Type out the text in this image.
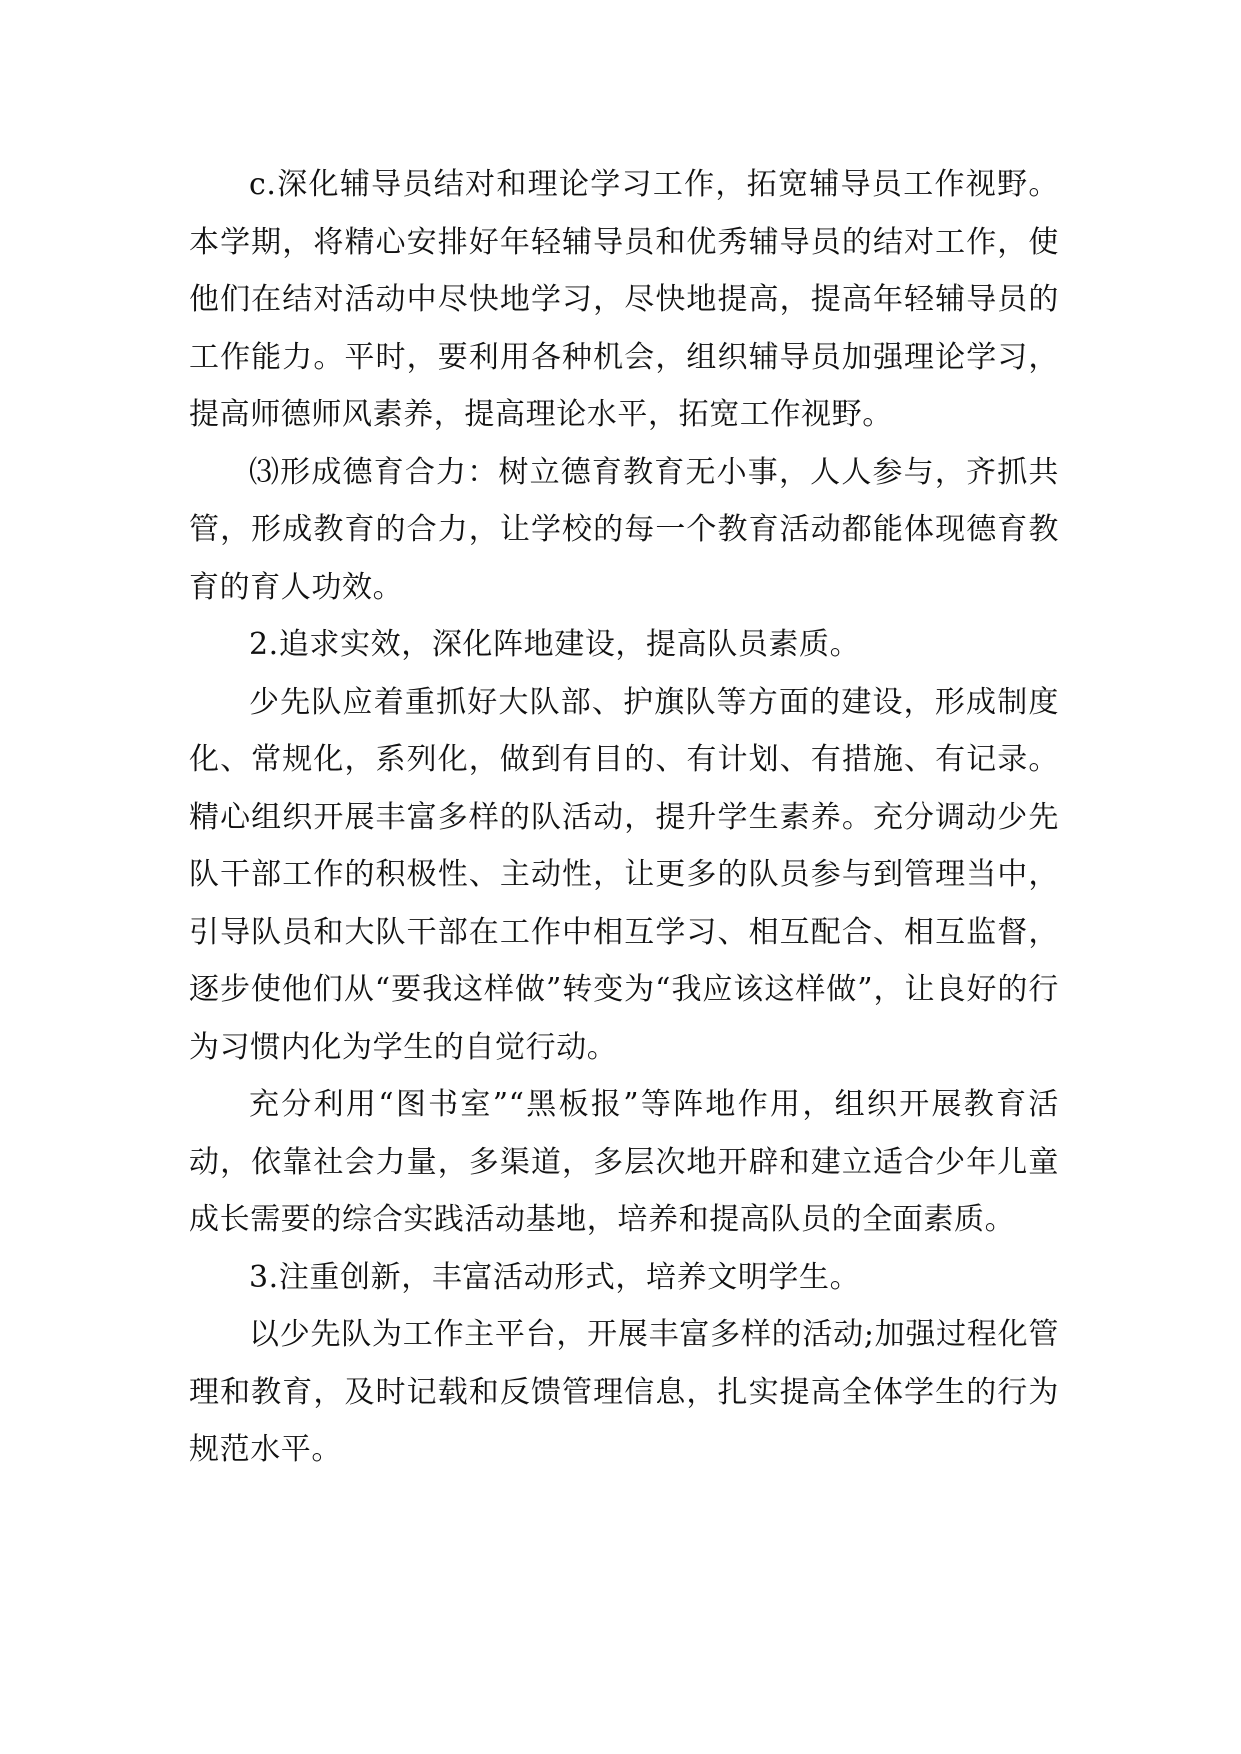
c.深化辅导员结对和理论学习工作，拓宽辅导员工作视野。本学期，将精心安排好年轻辅导员和优秀辅导员的结对工作，使他们在结对活动中尽快地学习，尽快地提高，提高年轻辅导员的工作能力。平时，要利用各种机会，组织辅导员加强理论学习，提高师德师风素养，提高理论水平，拓宽工作视野。

⑶形成德育合力：树立德育教育无小事，人人参与，齐抓共管，形成教育的合力，让学校的每一个教育活动都能体现德育教育的育人功效。

2.追求实效，深化阵地建设，提高队员素质。

少先队应着重抓好大队部、护旗队等方面的建设，形成制度化、常规化，系列化，做到有目的、有计划、有措施、有记录。精心组织开展丰富多样的队活动，提升学生素养。充分调动少先队干部工作的积极性、主动性，让更多的队员参与到管理当中，引导队员和大队干部在工作中相互学习、相互配合、相互监督，逐步使他们从“要我这样做”转变为“我应该这样做”，让良好的行为习惯内化为学生的自觉行动。

充分利用“图书室”“黑板报”等阵地作用，组织开展教育活动，依靠社会力量，多渠道，多层次地开辟和建立适合少年儿童成长需要的综合实践活动基地，培养和提高队员的全面素质。

3.注重创新，丰富活动形式，培养文明学生。

以少先队为工作主平台，开展丰富多样的活动;加强过程化管理和教育，及时记载和反馈管理信息，扎实提高全体学生的行为规范水平。
